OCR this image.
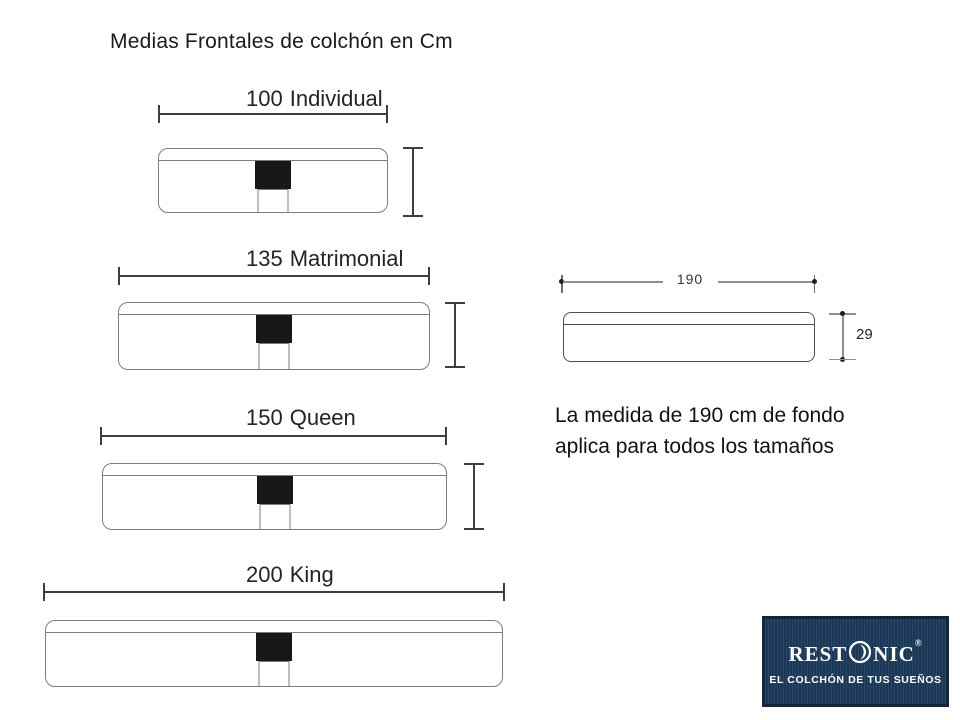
Medias Frontales de colchón en Cm
100 Individual
135 Matrimonial
150 Queen
200 King
190
29
La medida de 190 cm de fondo
aplica para todos los tamaños
rest nic ®
EL COLCHÓN DE TUS SUEÑOS
